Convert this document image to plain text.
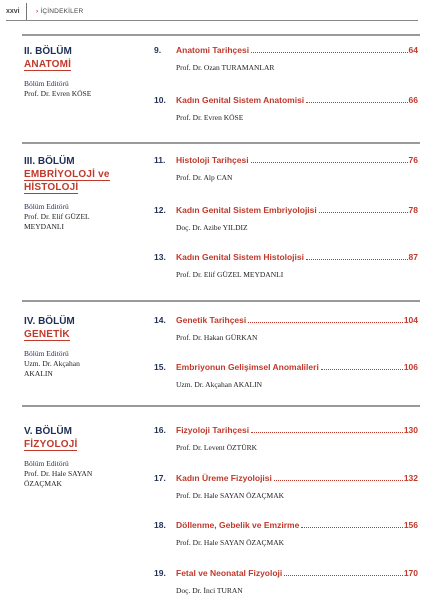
xxvi	› İÇİNDEKİLER
II. BÖLÜM
ANATOMİ
Bölüm Editörü
Prof. Dr. Evren KÖSE
III. BÖLÜM
EMBRİYOLOJİ ve
HİSTOLOJİ
Bölüm Editörü
Prof. Dr. Elif GÜZEL
MEYDANLI
IV. BÖLÜM
GENETİK
Bölüm Editörü
Uzm. Dr. Akçahan
AKALIN
V. BÖLÜM
FİZYOLOJİ
Bölüm Editörü
Prof. Dr. Hale SAYAN
ÖZAÇMAK
9.	Anatomi Tarihçesi	64
Prof. Dr. Ozan TURAMANLAR
10.	Kadın Genital Sistem Anatomisi	66
Prof. Dr. Evren KÖSE
11.	Histoloji Tarihçesi	76
Prof. Dr. Alp CAN
12.	Kadın Genital Sistem Embriyolojisi	78
Doç. Dr. Azibe YILDIZ
13.	Kadın Genital Sistem Histolojisi	87
Prof. Dr. Elif GÜZEL MEYDANLI
14.	Genetik Tarihçesi	104
Prof. Dr. Hakan GÜRKAN
15.	Embriyonun Gelişimsel Anomalileri	106
Uzm. Dr. Akçahan AKALIN
16.	Fizyoloji Tarihçesi	130
Prof. Dr. Levent ÖZTÜRK
17.	Kadın Üreme Fizyolojisi	132
Prof. Dr. Hale SAYAN ÖZAÇMAK
18.	Döllenme, Gebelik ve Emzirme	156
Prof. Dr. Hale SAYAN ÖZAÇMAK
19.	Fetal ve Neonatal Fizyoloji	170
Doç. Dr. İnci TURAN
